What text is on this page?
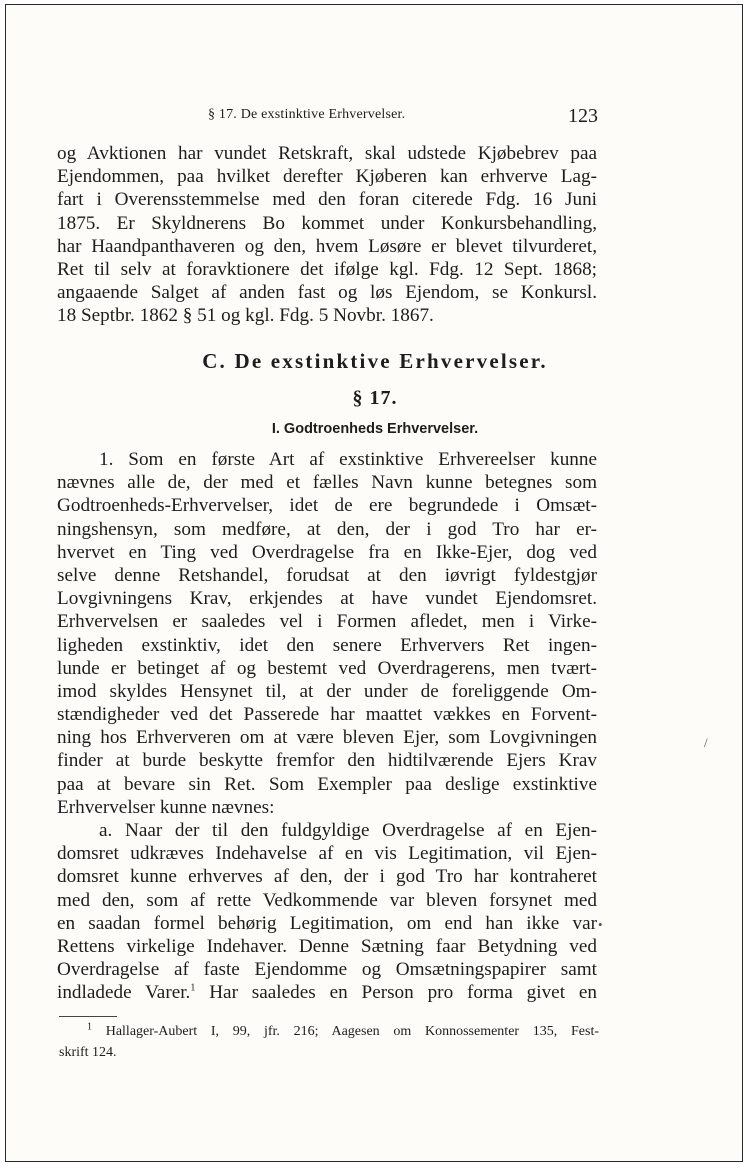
§ 17. De exstinktive Erhvervelser.	123
og Avktionen har vundet Retskraft, skal udstede Kjøbebrev paa
Ejendommen, paa hvilket derefter Kjøberen kan erhverve Lag-
fart i Overensstemmelse med den foran citerede Fdg. 16 Juni
1875. Er Skyldnerens Bo kommet under Konkursbehandling,
har Haandpanthaveren og den, hvem Løsøre er blevet tilvurderet,
Ret til selv at foravktionere det ifølge kgl. Fdg. 12 Sept. 1868;
angaaende Salget af anden fast og løs Ejendom, se Konkursl.
18 Septbr. 1862 § 51 og kgl. Fdg. 5 Novbr. 1867.
C. De exstinktive Erhvervelser.
§ 17.
I. Godtroenheds Erhvervelser.
1. Som en første Art af exstinktive Erhvereelser kunne
nævnes alle de, der med et fælles Navn kunne betegnes som
Godtroenheds-Erhvervelser, idet de ere begrundede i Omsæt-
ningshensyn, som medføre, at den, der i god Tro har er-
hvervet en Ting ved Overdragelse fra en Ikke-Ejer, dog ved
selve denne Retshandel, forudsat at den iøvrigt fyldestgjør
Lovgivningens Krav, erkjendes at have vundet Ejendomsret.
Erhvervelsen er saaledes vel i Formen afledet, men i Virke-
ligheden exstinktiv, idet den senere Erhververs Ret ingen-
lunde er betinget af og bestemt ved Overdragerens, men tvært-
imod skyldes Hensynet til, at der under de foreliggende Om-
stændigheder ved det Passerede har maattet vækkes en Forvent-
ning hos Erhververen om at være bleven Ejer, som Lovgivningen
finder at burde beskytte fremfor den hidtilværende Ejers Krav
paa at bevare sin Ret. Som Exempler paa deslige exstinktive
Erhvervelser kunne nævnes:
a. Naar der til den fuldgyldige Overdragelse af en Ejen-
domsret udkræves Indehavelse af en vis Legitimation, vil Ejen-
domsret kunne erhverves af den, der i god Tro har kontraheret
med den, som af rette Vedkommende var bleven forsynet med
en saadan formel behørig Legitimation, om end han ikke var
Rettens virkelige Indehaver. Denne Sætning faar Betydning ved
Overdragelse af faste Ejendomme og Omsætningspapirer samt
indladede Varer.$^1$ Har saaledes en Person pro forma givet en
$^1$ Hallager-Aubert I, 99, jfr. 216; Aagesen om Konnossementer 135, Fest-
skrift 124.
•
/
